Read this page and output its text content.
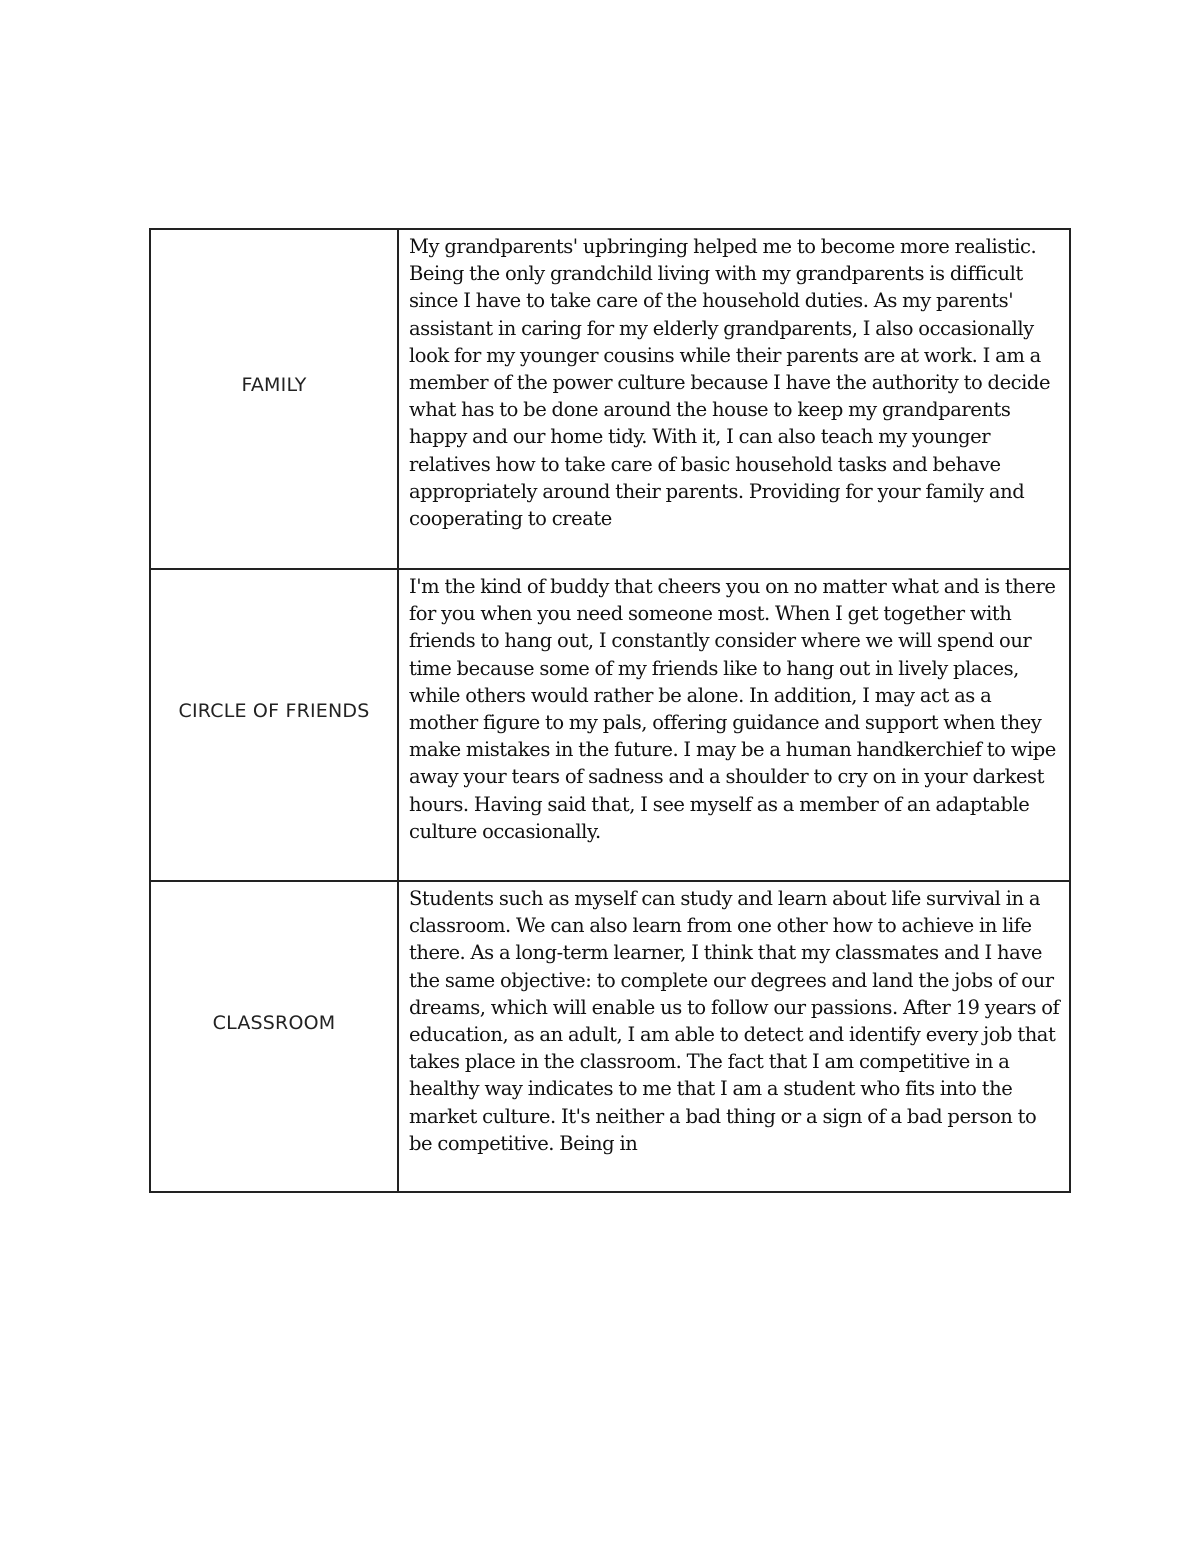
FAMILY	My grandparents' upbringing helped me to become more realistic. Being the only grandchild living with my grandparents is difficult since I have to take care of the household duties. As my parents' assistant in caring for my elderly grandparents, I also occasionally look for my younger cousins while their parents are at work. I am a member of the power culture because I have the authority to decide what has to be done around the house to keep my grandparents happy and our home tidy. With it, I can also teach my younger relatives how to take care of basic household tasks and behave appropriately around their parents. Providing for your family and cooperating to create

CIRCLE OF FRIENDS	I'm the kind of buddy that cheers you on no matter what and is there for you when you need someone most. When I get together with friends to hang out, I constantly consider where we will spend our time because some of my friends like to hang out in lively places, while others would rather be alone. In addition, I may act as a mother figure to my pals, offering guidance and support when they make mistakes in the future. I may be a human handkerchief to wipe away your tears of sadness and a shoulder to cry on in your darkest hours. Having said that, I see myself as a member of an adaptable culture occasionally.

CLASSROOM	Students such as myself can study and learn about life survival in a classroom. We can also learn from one other how to achieve in life there. As a long-term learner, I think that my classmates and I have the same objective: to complete our degrees and land the jobs of our dreams, which will enable us to follow our passions. After 19 years of education, as an adult, I am able to detect and identify every job that takes place in the classroom. The fact that I am competitive in a healthy way indicates to me that I am a student who fits into the market culture. It's neither a bad thing or a sign of a bad person to be competitive. Being in
